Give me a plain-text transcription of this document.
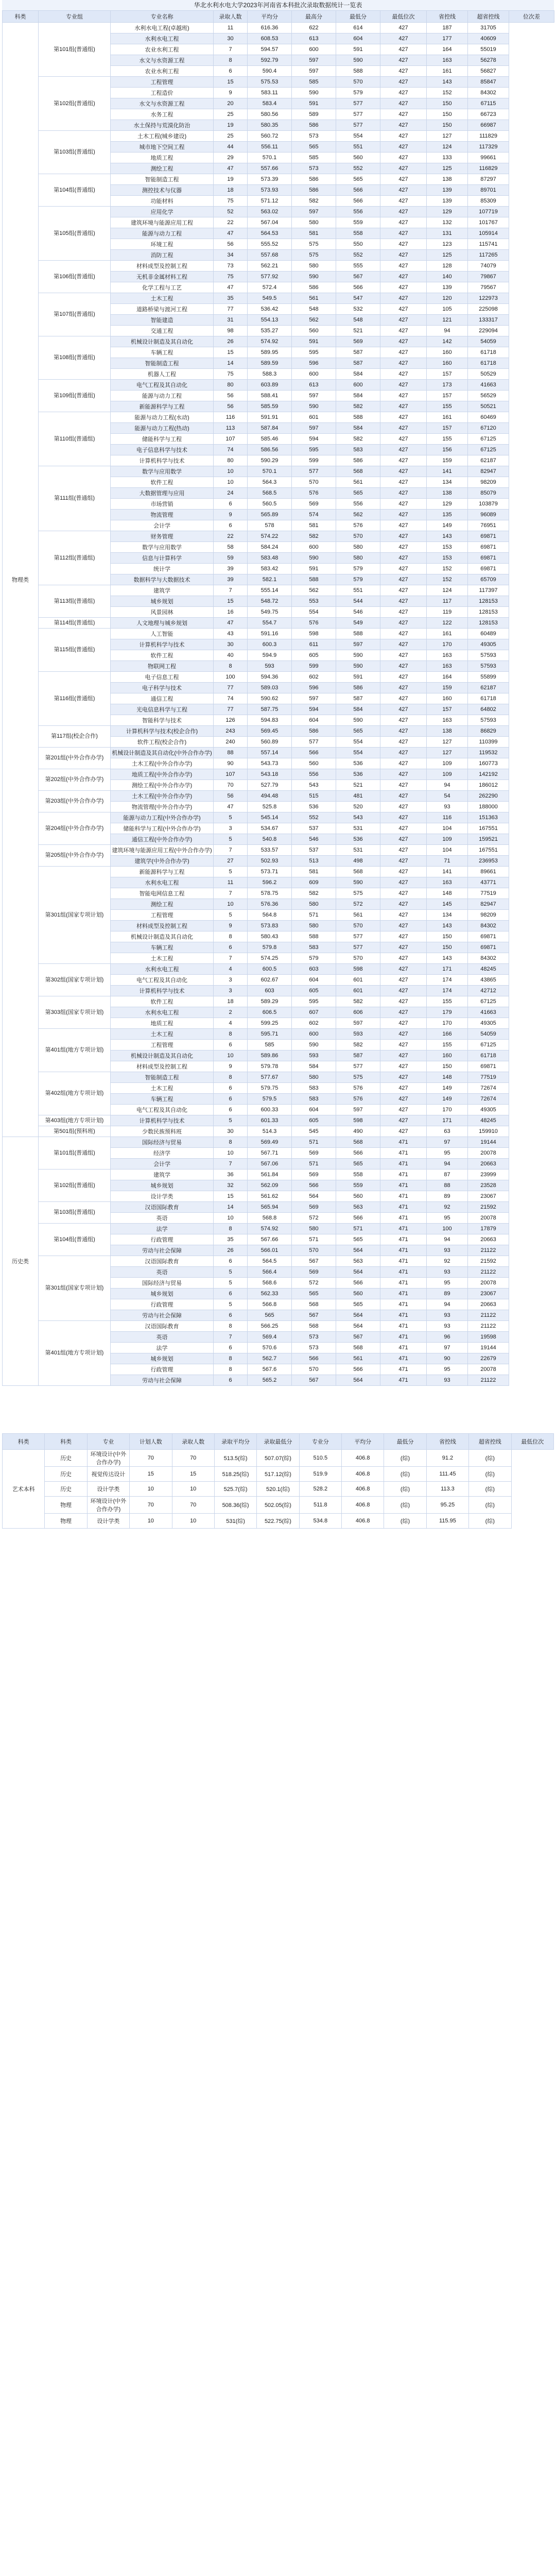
华北水利水电大学2023年河南省本科批次录取数据统计一览表
科类	专业组	专业名称	录取人数	平均分	最高分	最低分	最低位次	省控线	超省控线	位次差
物理类	第101组(普通组)	水利水电工程(卓越班)	11	616.36	622	614	427	187	31705	
		水利水电工程	30	608.53	613	604	427	177	40609	
		农业水利工程	7	594.57	600	591	427	164	55019	
		水文与水资源工程	8	592.79	597	590	427	163	56278	
		农业水利工程	6	590.4	597	588	427	161	56827	
	第102组(普通组)	工程管理	15	575.53	585	570	427	143	85847	
		工程造价	9	583.11	590	579	427	152	84302	
		水文与水资源工程	20	583.4	591	577	427	150	67115	
		水务工程	25	580.56	589	577	427	150	66723	
		水土保持与荒漠化防治	19	580.35	586	577	427	150	66987	
	第103组(普通组)	土木工程(城乡建设)	25	560.72	573	554	427	127	111829	
		城市地下空间工程	44	556.11	565	551	427	124	117329	
		地质工程	29	570.1	585	560	427	133	99661	
		测绘工程	47	557.66	573	552	427	125	116829	
	第104组(普通组)	智能制造工程	19	573.39	586	565	427	138	87297	
		测控技术与仪器	18	573.93	586	566	427	139	89701	
		功能材料	75	571.12	582	566	427	139	85309	
	第105组(普通组)	应用化学	52	563.02	597	556	427	129	107719	
		建筑环境与能源应用工程	22	567.04	580	559	427	132	101767	
		能源与动力工程	47	564.53	581	558	427	131	105914	
		环境工程	56	555.52	575	550	427	123	115741	
		消防工程	34	557.68	575	552	427	125	117265	
	第106组(普通组)	材料成型及控制工程	73	562.21	580	555	427	128	74079	
		无机非金属材料工程	75	577.92	590	567	427	140	79867	
		化学工程与工艺	47	572.4	586	566	427	139	79567	
	第107组(普通组)	土木工程	35	549.5	561	547	427	120	122973	
		道路桥梁与渡河工程	77	536.42	548	532	427	105	225098	
		智能建造	31	554.13	562	548	427	121	133317	
		交通工程	98	535.27	560	521	427	94	229094	
	第108组(普通组)	机械设计制造及其自动化	26	574.92	591	569	427	142	54059	
		车辆工程	15	589.95	595	587	427	160	61718	
		智能制造工程	14	589.59	596	587	427	160	61718	
		机器人工程	75	588.3	600	584	427	157	50529	
	第109组(普通组)	电气工程及其自动化	80	603.89	613	600	427	173	41663	
		能源与动力工程	56	588.41	597	584	427	157	56529	
		新能源科学与工程	56	585.59	590	582	427	155	50521	
	第110组(普通组)	能源与动力工程(水动)	116	591.91	601	588	427	161	60469	
		能源与动力工程(热动)	113	587.84	597	584	427	157	67120	
		储能科学与工程	107	585.46	594	582	427	155	67125	
		电子信息科学与技术	74	586.56	595	583	427	156	67125	
		计算机科学与技术	80	590.29	599	586	427	159	62187	
	第111组(普通组)	数学与应用数学	10	570.1	577	568	427	141	82947	
		软件工程	10	564.3	570	561	427	134	98209	
		大数据管理与应用	24	568.5	576	565	427	138	85079	
		市场营销	6	560.5	569	556	427	129	103879	
		物流管理	9	565.89	574	562	427	135	96089	
		会计学	6	578	581	576	427	149	76951	
	第112组(普通组)	财务管理	22	574.22	582	570	427	143	69871	
		数学与应用数学	58	584.24	600	580	427	153	69871	
		信息与计算科学	59	583.48	590	580	427	153	69871	
		统计学	39	583.42	591	579	427	152	69871	
		数据科学与大数据技术	39	582.1	588	579	427	152	65709	
	第113组(普通组)	建筑学	7	555.14	562	551	427	124	117397	
		城乡规划	15	548.72	553	544	427	117	128153	
		风景园林	16	549.75	554	546	427	119	128153	
	第114组(普通组)	人文地理与城乡规划	47	554.7	576	549	427	122	128153	
	第115组(普通组)	人工智能	43	591.16	598	588	427	161	60489	
		计算机科学与技术	30	600.3	611	597	427	170	49305	
		软件工程	40	594.9	605	590	427	163	57593	
		物联网工程	8	593	599	590	427	163	57593	
	第116组(普通组)	电子信息工程	100	594.36	602	591	427	164	55899	
		电子科学与技术	77	589.03	596	586	427	159	62187	
		通信工程	74	590.62	597	587	427	160	61718	
		光电信息科学与工程	77	587.75	594	584	427	157	64802	
		智能科学与技术	126	594.83	604	590	427	163	57593	
	第117组(校企合作)	计算机科学与技术(校企合作)	243	569.45	586	565	427	138	86829	
		软件工程(校企合作)	240	560.89	577	554	427	127	110399	
	第201组(中外合作办学)	机械设计制造及其自动化(中外合作办学)	88	557.14	566	554	427	127	119532	
		土木工程(中外合作办学)	90	543.73	560	536	427	109	160773	
	第202组(中外合作办学)	地质工程(中外合作办学)	107	543.18	556	536	427	109	142192	
		测绘工程(中外合作办学)	70	527.79	543	521	427	94	186012	
	第203组(中外合作办学)	土木工程(中外合作办学)	56	494.48	515	481	427	54	262290	
		物流管理(中外合作办学)	47	525.8	536	520	427	93	188000	
	第204组(中外合作办学)	能源与动力工程(中外合作办学)	5	545.14	552	543	427	116	151363	
		储能科学与工程(中外合作办学)	3	534.67	537	531	427	104	167551	
		通信工程(中外合作办学)	5	540.8	546	536	427	109	159521	
	第205组(中外合作办学)	建筑环境与能源应用工程(中外合作办学)	7	533.57	537	531	427	104	167551	
		建筑学(中外合作办学)	27	502.93	513	498	427	71	236953	
	第301组(国家专项计划)	新能源科学与工程	5	573.71	581	568	427	141	89661	
		水利水电工程	11	596.2	609	590	427	163	43771	
		智能电网信息工程	7	578.75	582	575	427	148	77519	
		测绘工程	10	576.36	580	572	427	145	82947	
		工程管理	5	564.8	571	561	427	134	98209	
		材料成型及控制工程	9	573.83	580	570	427	143	84302	
		机械设计制造及其自动化	8	580.43	588	577	427	150	69871	
		车辆工程	6	579.8	583	577	427	150	69871	
		土木工程	7	574.25	579	570	427	143	84302	
	第302组(国家专项计划)	水利水电工程	4	600.5	603	598	427	171	48245	
		电气工程及其自动化	3	602.67	604	601	427	174	43865	
		计算机科学与技术	3	603	605	601	427	174	42712	
	第303组(国家专项计划)	软件工程	18	589.29	595	582	427	155	67125	
		水利水电工程	2	606.5	607	606	427	179	41663	
		地质工程	4	599.25	602	597	427	170	49305	
	第401组(地方专项计划)	土木工程	8	595.71	600	593	427	166	54059	
		工程管理	6	585	590	582	427	155	67125	
		机械设计制造及其自动化	10	589.86	593	587	427	160	61718	
		材料成型及控制工程	9	579.78	584	577	427	150	69871	
	第402组(地方专项计划)	智能制造工程	8	577.67	580	575	427	148	77519	
		土木工程	6	579.75	583	576	427	149	72674	
		车辆工程	6	579.5	583	576	427	149	72674	
		电气工程及其自动化	6	600.33	604	597	427	170	49305	
	第403组(地方专项计划)	计算机科学与技术	5	601.33	605	598	427	171	48245	
	第501组(预科班)	少数民族预科班	30	514.3	545	490	427	63	159910	
历史类	第101组(普通组)	国际经济与贸易	8	569.49	571	568	471	97	19144	
		经济学	10	567.71	569	566	471	95	20078	
		会计学	7	567.06	571	565	471	94	20663	
	第102组(普通组)	建筑学	36	561.84	569	558	471	87	23999	
		城乡规划	32	562.09	566	559	471	88	23528	
		设计学类	15	561.62	564	560	471	89	23067	
	第103组(普通组)	汉语国际教育	14	565.94	569	563	471	92	21592	
		英语	10	568.8	572	566	471	95	20078	
	第104组(普通组)	法学	8	574.92	580	571	471	100	17879	
		行政管理	35	567.66	571	565	471	94	20663	
		劳动与社会保障	26	566.01	570	564	471	93	21122	
	第301组(国家专项计划)	汉语国际教育	6	564.5	567	563	471	92	21592	
		英语	5	566.4	569	564	471	93	21122	
		国际经济与贸易	5	568.6	572	566	471	95	20078	
		城乡规划	6	562.33	565	560	471	89	23067	
		行政管理	5	566.8	568	565	471	94	20663	
		劳动与社会保障	6	565	567	564	471	93	21122	
	第401组(地方专项计划)	汉语国际教育	8	566.25	568	564	471	93	21122	
		英语	7	569.4	573	567	471	96	19598	
		法学	6	570.6	573	568	471	97	19144	
		城乡规划	8	562.7	566	561	471	90	22679	
		行政管理	8	567.6	570	566	471	95	20078	
		劳动与社会保障	6	565.2	567	564	471	93	21122	
科类	科类	专业	计划人数	录取人数	录取平均分	录取最低分	专业分	平均分	最低分	省控线	超省控线	最低位次
艺术本科	历史	环境设计(中外合作办学)	70	70	513.5(综)	507.07(综)	510.5	406.8	(综)	91.2	(综)	
	历史	视觉传达设计	15	15	518.25(综)	517.12(综)	519.9	406.8	(综)	111.45	(综)	
	历史	设计学类	10	10	525.7(综)	520.1(综)	528.2	406.8	(综)	113.3	(综)	
	物理	环境设计(中外合作办学)	70	70	508.36(综)	502.05(综)	511.8	406.8	(综)	95.25	(综)	
	物理	设计学类	10	10	531(综)	522.75(综)	534.8	406.8	(综)	115.95	(综)	
